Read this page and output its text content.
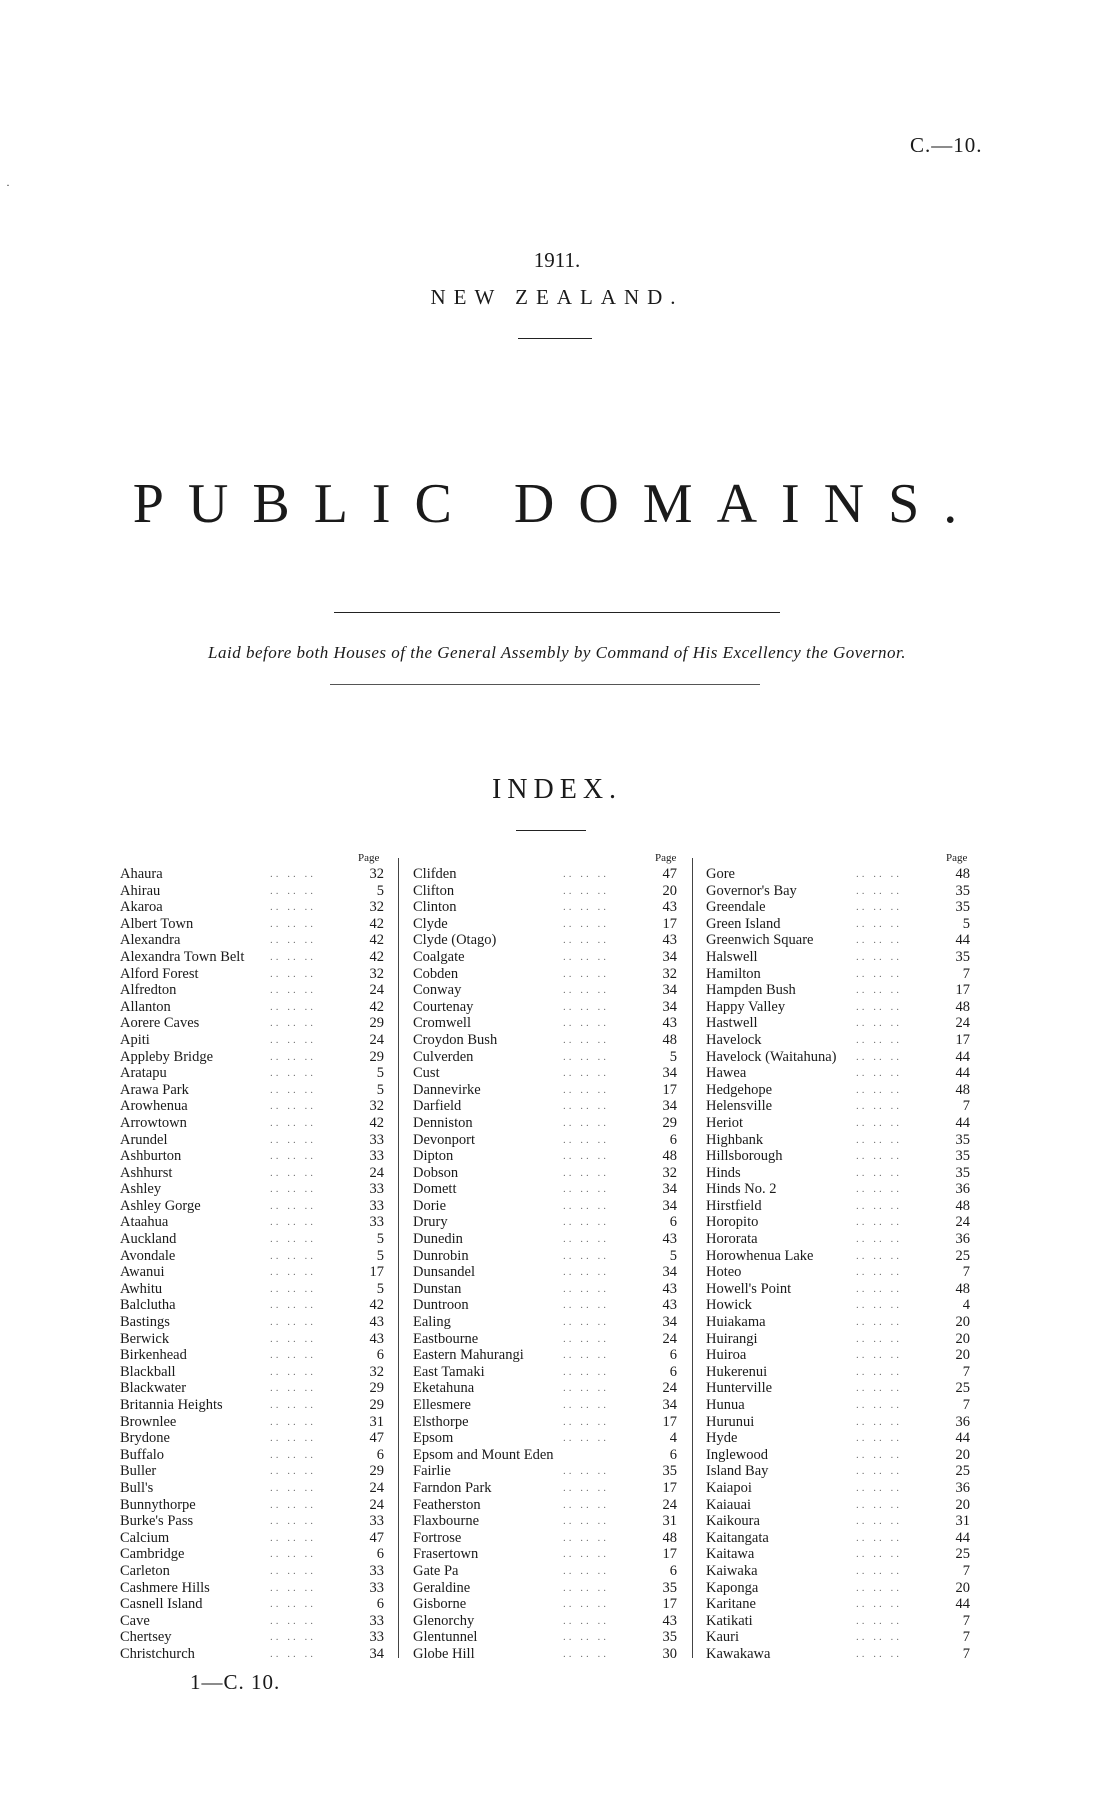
C.—10.
·
1911.
NEW ZEALAND.
PUBLIC DOMAINS.
Laid before both Houses of the General Assembly by Command of His Excellency the Governor.
INDEX.
Page
Ahaura	.. .. ..	32
Ahirau	.. .. ..	5
Akaroa	.. .. ..	32
Albert Town	.. .. ..	42
Alexandra	.. .. ..	42
Alexandra Town Belt .. .. ..	42
Alford Forest	.. .. ..	32
Alfredton	.. .. ..	24
Allanton	.. .. ..	42
Aorere Caves	.. .. ..	29
Apiti	.. .. ..	24
Appleby Bridge	.. .. ..	29
Aratapu	.. .. ..	5
Arawa Park	.. .. ..	5
Arowhenua	.. .. ..	32
Arrowtown	.. .. ..	42
Arundel	.. .. ..	33
Ashburton	.. .. ..	33
Ashhurst	.. .. ..	24
Ashley	.. .. ..	33
Ashley Gorge	.. .. ..	33
Ataahua	.. .. ..	33
Auckland	.. .. ..	5
Avondale	.. .. ..	5
Awanui	.. .. ..	17
Awhitu	.. .. ..	5
Balclutha	.. .. ..	42
Bastings	.. .. ..	43
Berwick	.. .. ..	43
Birkenhead	.. .. ..	6
Blackball	.. .. ..	32
Blackwater	.. .. ..	29
Britannia Heights	.. .. ..	29
Brownlee	.. .. ..	31
Brydone	.. .. ..	47
Buffalo	.. .. ..	6
Buller	.. .. ..	29
Bull's	.. .. ..	24
Bunnythorpe	.. .. ..	24
Burke's Pass	.. .. ..	33
Calcium	.. .. ..	47
Cambridge	.. .. ..	6
Carleton	.. .. ..	33
Cashmere Hills	.. .. ..	33
Casnell Island	.. .. ..	6
Cave	.. .. ..	33
Chertsey	.. .. ..	33
Christchurch	.. .. ..	34
Page
Clifden	.. .. ..	47
Clifton	.. .. ..	20
Clinton	.. .. ..	43
Clyde	.. .. ..	17
Clyde (Otago)	.. .. ..	43
Coalgate	.. .. ..	34
Cobden	.. .. ..	32
Conway	.. .. ..	34
Courtenay	.. .. ..	34
Cromwell	.. .. ..	43
Croydon Bush	.. .. ..	48
Culverden	.. .. ..	5
Cust	.. .. ..	34
Dannevirke	.. .. ..	17
Darfield	.. .. ..	34
Denniston	.. .. ..	29
Devonport	.. .. ..	6
Dipton	.. .. ..	48
Dobson	.. .. ..	32
Domett	.. .. ..	34
Dorie	.. .. ..	34
Drury	.. .. ..	6
Dunedin	.. .. ..	43
Dunrobin	.. .. ..	5
Dunsandel	.. .. ..	34
Dunstan	.. .. ..	43
Duntroon	.. .. ..	43
Ealing	.. .. ..	34
Eastbourne	.. .. ..	24
Eastern Mahurangi	.. .. ..	6
East Tamaki	.. .. ..	6
Eketahuna	.. .. ..	24
Ellesmere	.. .. ..	34
Elsthorpe	.. .. ..	17
Epsom	.. .. ..	4
Epsom and Mount Eden	6
Fairlie	.. .. ..	35
Farndon Park	.. .. ..	17
Featherston	.. .. ..	24
Flaxbourne	.. .. ..	31
Fortrose	.. .. ..	48
Frasertown	.. .. ..	17
Gate Pa	.. .. ..	6
Geraldine	.. .. ..	35
Gisborne	.. .. ..	17
Glenorchy	.. .. ..	43
Glentunnel	.. .. ..	35
Globe Hill	.. .. ..	30
Page
Gore	.. .. ..	48
Governor's Bay	.. .. ..	35
Greendale	.. .. ..	35
Green Island	.. .. ..	5
Greenwich Square	.. .. ..	44
Halswell	.. .. ..	35
Hamilton	.. .. ..	7
Hampden Bush	.. .. ..	17
Happy Valley	.. .. ..	48
Hastwell	.. .. ..	24
Havelock	.. .. ..	17
Havelock (Waitahuna) .. .. ..	44
Hawea	.. .. ..	44
Hedgehope	.. .. ..	48
Helensville	.. .. ..	7
Heriot	.. .. ..	44
Highbank	.. .. ..	35
Hillsborough	.. .. ..	35
Hinds	.. .. ..	35
Hinds No. 2	.. .. ..	36
Hirstfield	.. .. ..	48
Horopito	.. .. ..	24
Hororata	.. .. ..	36
Horowhenua Lake	.. .. ..	25
Hoteo	.. .. ..	7
Howell's Point	.. .. ..	48
Howick	.. .. ..	4
Huiakama	.. .. ..	20
Huirangi	.. .. ..	20
Huiroa	.. .. ..	20
Hukerenui	.. .. ..	7
Hunterville	.. .. ..	25
Hunua	.. .. ..	7
Hurunui	.. .. ..	36
Hyde	.. .. ..	44
Inglewood	.. .. ..	20
Island Bay	.. .. ..	25
Kaiapoi	.. .. ..	36
Kaiauai	.. .. ..	20
Kaikoura	.. .. ..	31
Kaitangata	.. .. ..	44
Kaitawa	.. .. ..	25
Kaiwaka	.. .. ..	7
Kaponga	.. .. ..	20
Karitane	.. .. ..	44
Katikati	.. .. ..	7
Kauri	.. .. ..	7
Kawakawa	.. .. ..	7
1—C. 10.
